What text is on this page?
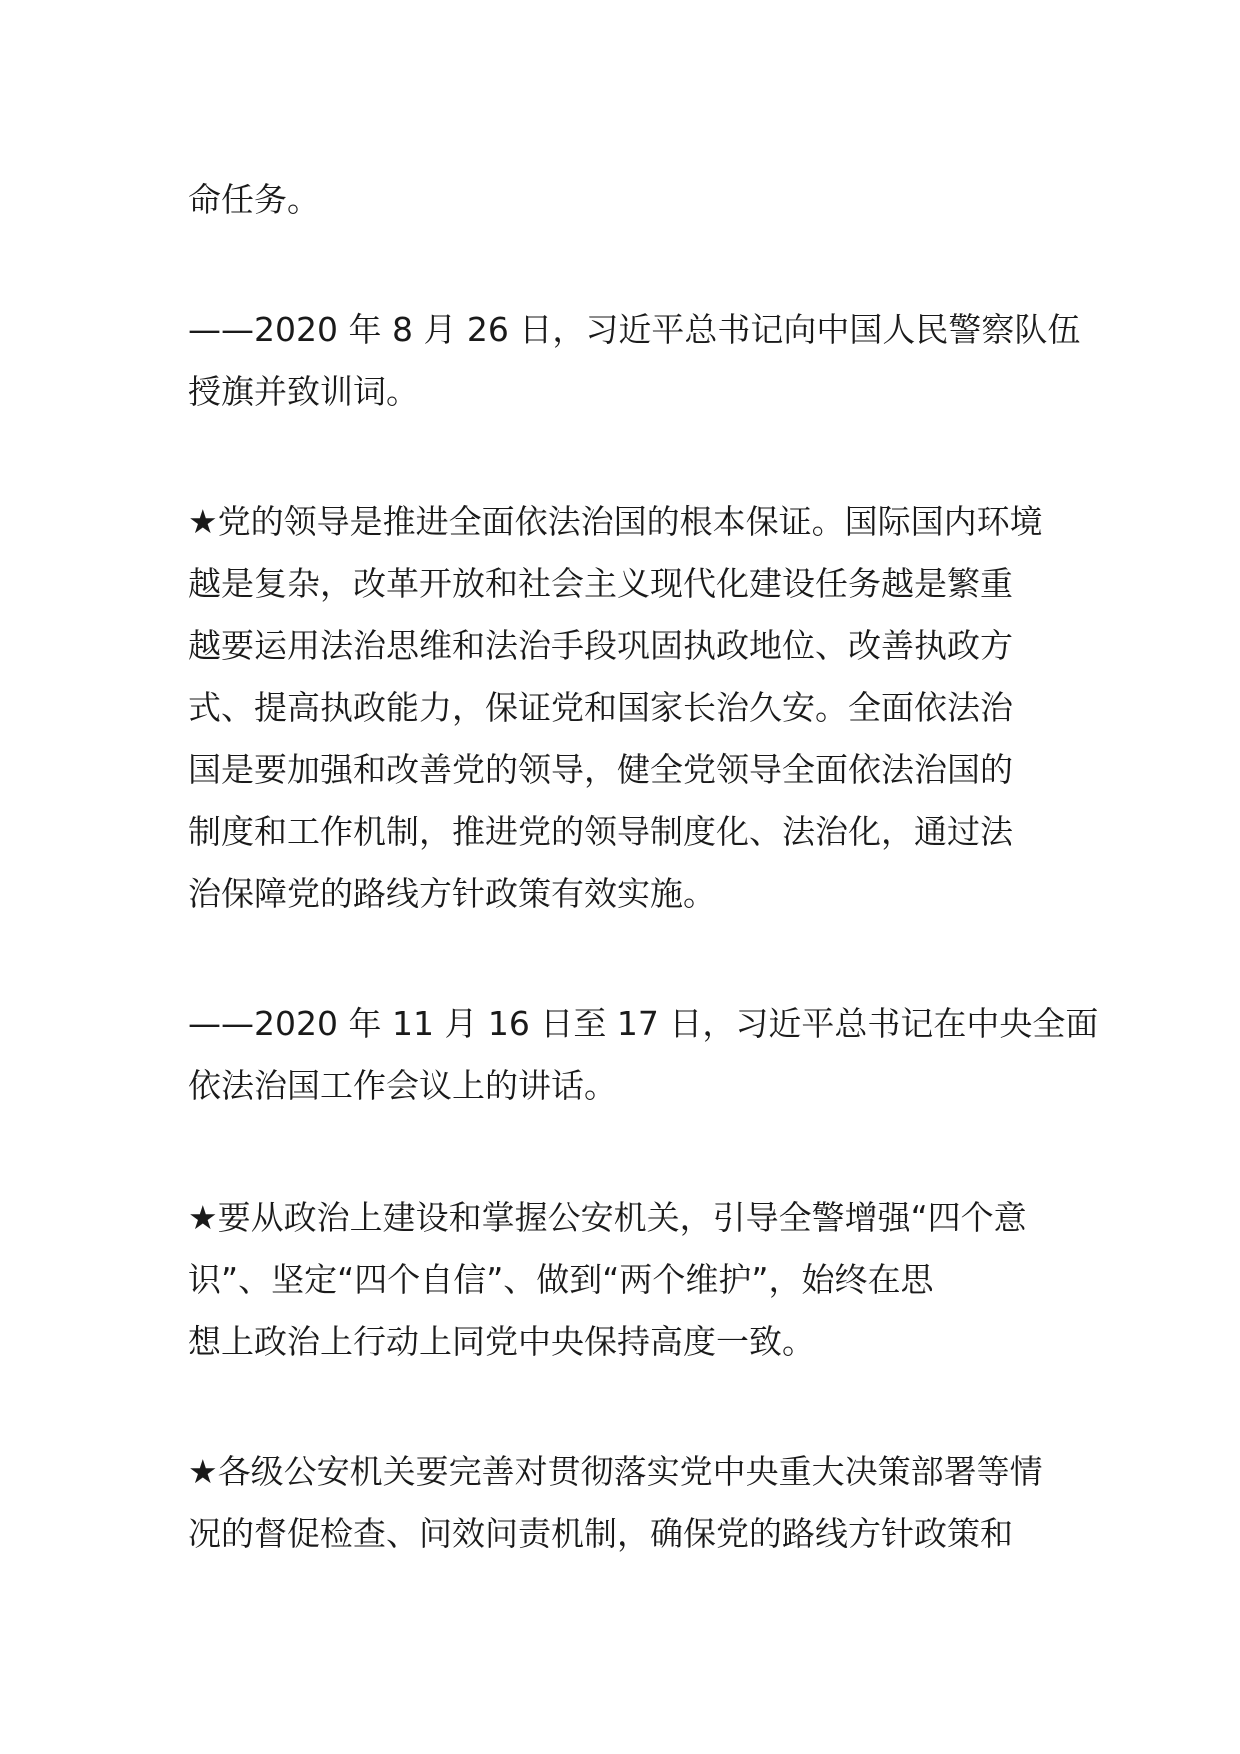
命任务。
——2020 年 8 月 26 日，习近平总书记向中国人民警察队伍
授旗并致训词。
★党的领导是推进全面依法治国的根本保证。国际国内环境
越是复杂，改革开放和社会主义现代化建设任务越是繁重
越要运用法治思维和法治手段巩固执政地位、改善执政方
式、提高执政能力，保证党和国家长治久安。全面依法治
国是要加强和改善党的领导，健全党领导全面依法治国的
制度和工作机制，推进党的领导制度化、法治化，通过法
治保障党的路线方针政策有效实施。
——2020 年 11 月 16 日至 17 日，习近平总书记在中央全面
依法治国工作会议上的讲话。
★要从政治上建设和掌握公安机关，引导全警增强“四个意
识”、坚定“四个自信”、做到“两个维护”，始终在思
想上政治上行动上同党中央保持高度一致。
★各级公安机关要完善对贯彻落实党中央重大决策部署等情
况的督促检查、问效问责机制，确保党的路线方针政策和
